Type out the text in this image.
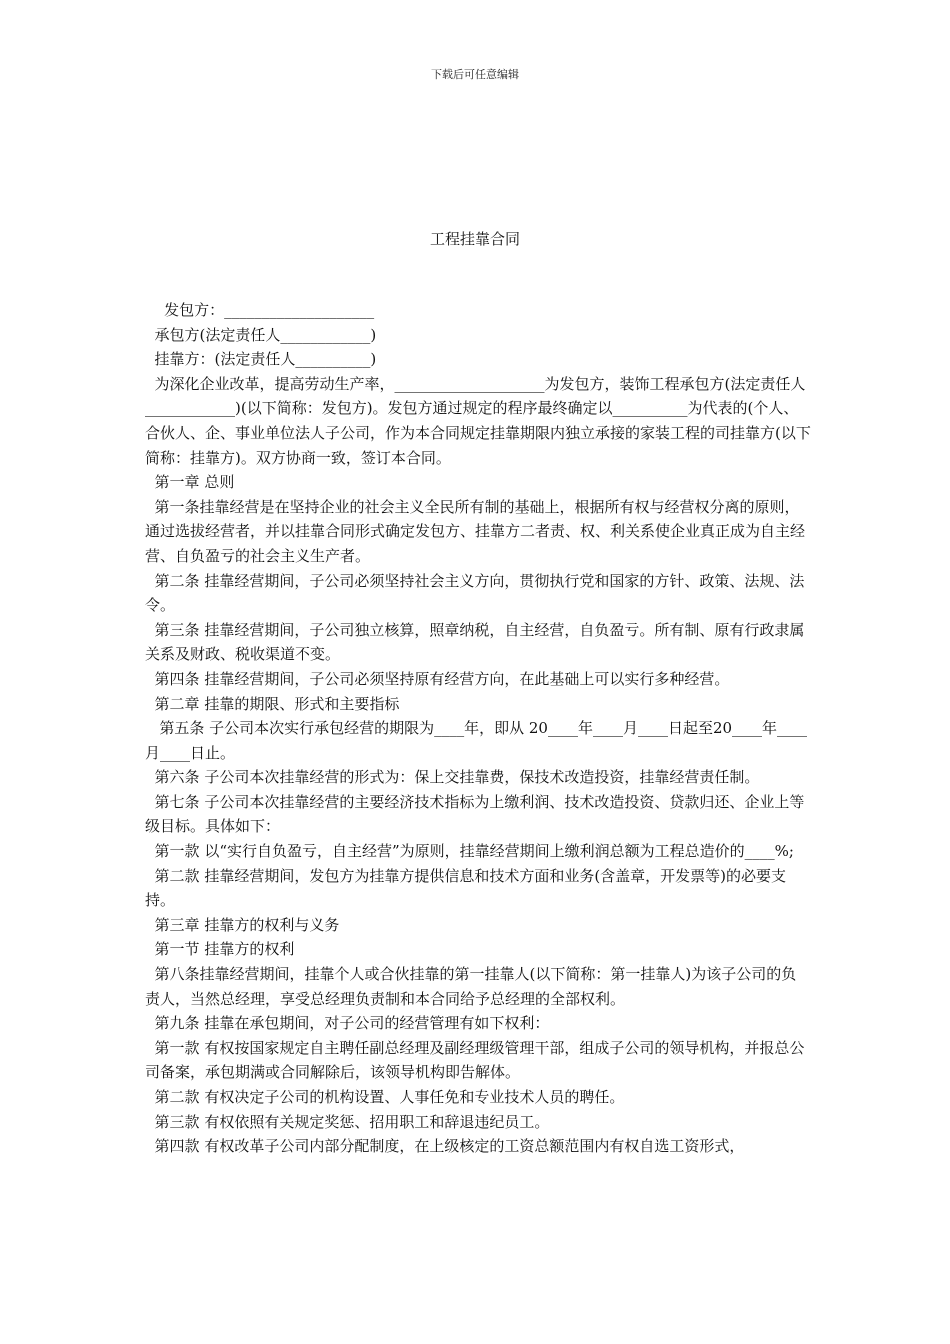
下载后可任意编辑
工程挂靠合同

发包方：____________________

承包方(法定责任人____________)

挂靠方：(法定责任人__________)

为深化企业改革，提高劳动生产率，____________________为发包方，装饰工程承包方(法定责任人____________)(以下简称：发包方)。发包方通过规定的程序最终确定以__________为代表的(个人、合伙人、企、事业单位法人子公司，作为本合同规定挂靠期限内独立承接的家装工程的司挂靠方(以下简称：挂靠方)。双方协商一致，签订本合同。

第一章 总则

第一条挂靠经营是在坚持企业的社会主义全民所有制的基础上，根据所有权与经营权分离的原则，通过选拔经营者，并以挂靠合同形式确定发包方、挂靠方二者责、权、利关系使企业真正成为自主经营、自负盈亏的社会主义生产者。

第二条 挂靠经营期间，子公司必须坚持社会主义方向，贯彻执行党和国家的方针、政策、法规、法令。

第三条 挂靠经营期间，子公司独立核算，照章纳税，自主经营，自负盈亏。所有制、原有行政隶属关系及财政、税收渠道不变。

第四条 挂靠经营期间，子公司必须坚持原有经营方向，在此基础上可以实行多种经营。

第二章 挂靠的期限、形式和主要指标

第五条 子公司本次实行承包经营的期限为____年，即从 20____年____月____日起至20____年____月____日止。

第六条 子公司本次挂靠经营的形式为：保上交挂靠费，保技术改造投资，挂靠经营责任制。

第七条 子公司本次挂靠经营的主要经济技术指标为上缴利润、技术改造投资、贷款归还、企业上等级目标。具体如下：

第一款 以“实行自负盈亏，自主经营”为原则，挂靠经营期间上缴利润总额为工程总造价的____%;

第二款 挂靠经营期间，发包方为挂靠方提供信息和技术方面和业务(含盖章，开发票等)的必要支持。

第三章 挂靠方的权利与义务

第一节 挂靠方的权利

第八条挂靠经营期间，挂靠个人或合伙挂靠的第一挂靠人(以下简称：第一挂靠人)为该子公司的负责人，当然总经理，享受总经理负责制和本合同给予总经理的全部权利。

第九条 挂靠在承包期间，对子公司的经营管理有如下权利：

第一款 有权按国家规定自主聘任副总经理及副经理级管理干部，组成子公司的领导机构，并报总公司备案，承包期满或合同解除后，该领导机构即告解体。

第二款 有权决定子公司的机构设置、人事任免和专业技术人员的聘任。

第三款 有权依照有关规定奖惩、招用职工和辞退违纪员工。

第四款 有权改革子公司内部分配制度，在上级核定的工资总额范围内有权自选工资形式，
